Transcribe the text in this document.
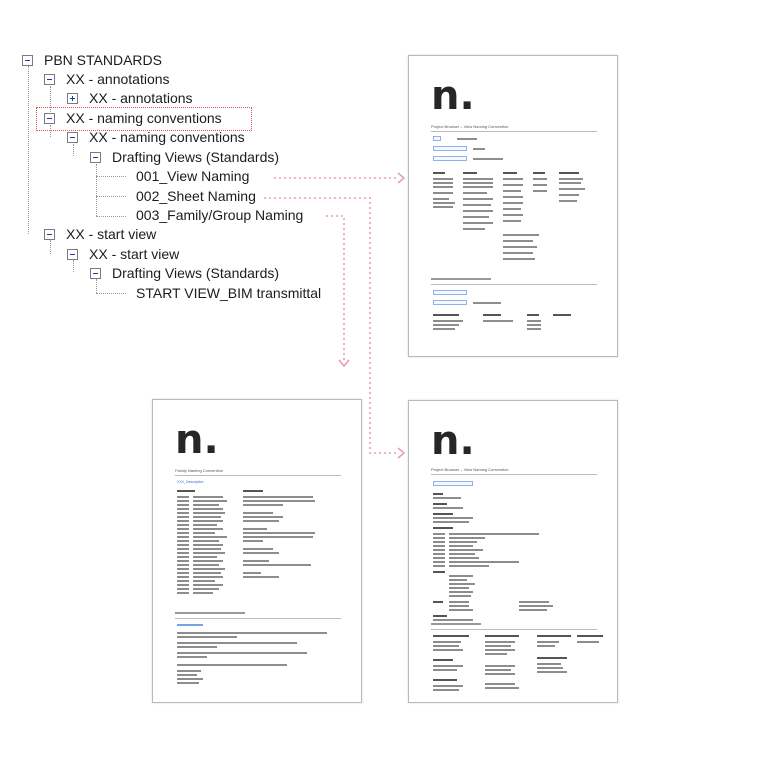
PBN STANDARDS
XX - annotations
XX - annotations
XX - naming conventions
XX - naming conventions
Drafting Views (Standards)
001_View Naming
002_Sheet Naming
003_Family/Group Naming
XX - start view
XX - start view
Drafting Views (Standards)
START VIEW_BIM transmittal
n.
Project Browser – View Naming Convention
n.
Family Naming Convention
XXX_Description
n.
Project Browser – View Naming Convention
